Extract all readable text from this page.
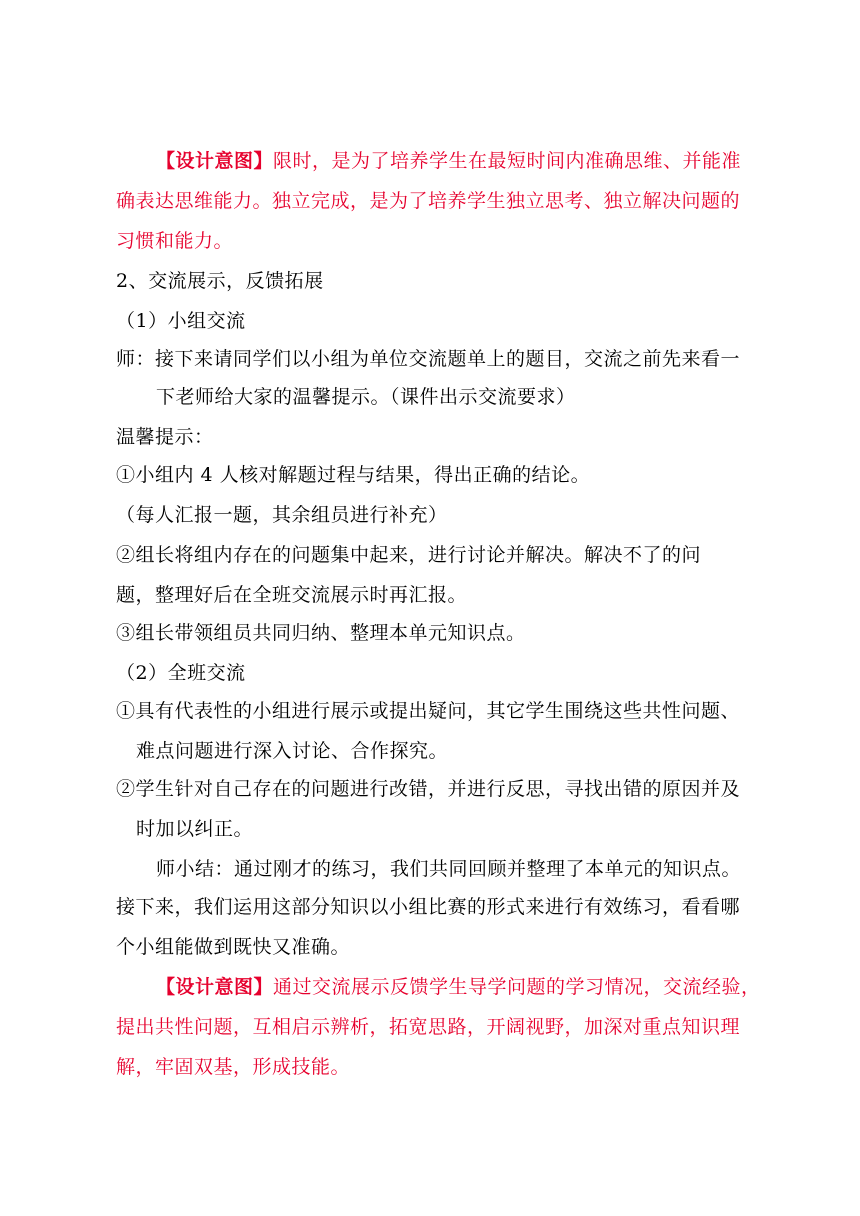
【设计意图】限时，是为了培养学生在最短时间内准确思维、并能准
确表达思维能力。独立完成，是为了培养学生独立思考、独立解决问题的
习惯和能力。
2、交流展示，反馈拓展
（1）小组交流
师：接下来请同学们以小组为单位交流题单上的题目，交流之前先来看一
下老师给大家的温馨提示。（课件出示交流要求）
温馨提示：
①小组内 4 人核对解题过程与结果，得出正确的结论。
（每人汇报一题，其余组员进行补充）
②组长将组内存在的问题集中起来，进行讨论并解决。解决不了的问
题，整理好后在全班交流展示时再汇报。
③组长带领组员共同归纳、整理本单元知识点。
（2）全班交流
①具有代表性的小组进行展示或提出疑问，其它学生围绕这些共性问题、
难点问题进行深入讨论、合作探究。
②学生针对自己存在的问题进行改错，并进行反思，寻找出错的原因并及
时加以纠正。
师小结：通过刚才的练习，我们共同回顾并整理了本单元的知识点。
接下来，我们运用这部分知识以小组比赛的形式来进行有效练习，看看哪
个小组能做到既快又准确。
【设计意图】通过交流展示反馈学生导学问题的学习情况，交流经验，
提出共性问题，互相启示辨析，拓宽思路，开阔视野，加深对重点知识理
解，牢固双基，形成技能。
